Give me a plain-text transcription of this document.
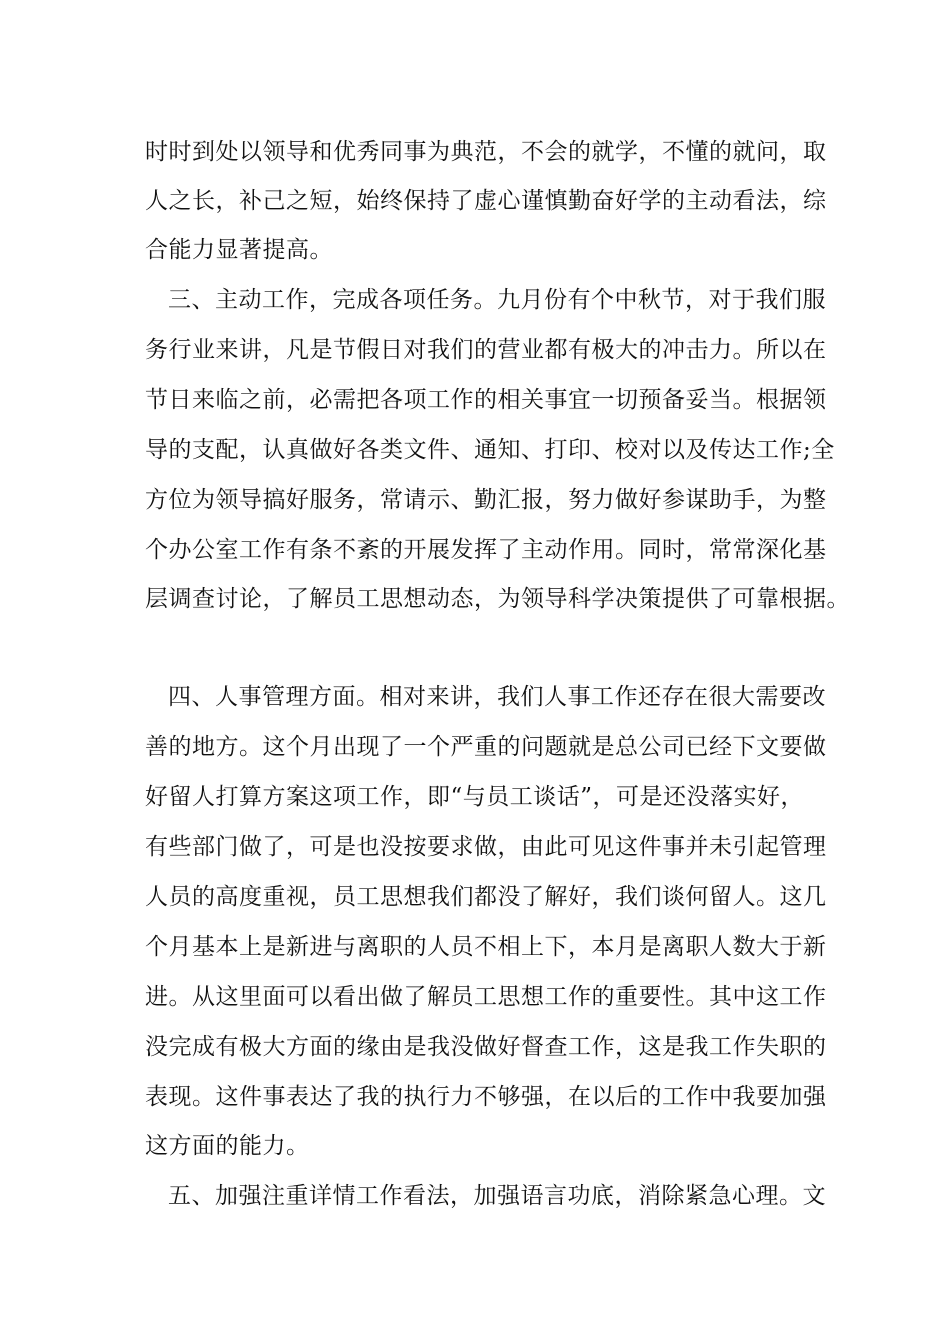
时时到处以领导和优秀同事为典范，不会的就学，不懂的就问，取
人之长，补己之短，始终保持了虚心谨慎勤奋好学的主动看法，综
合能力显著提高。
三、主动工作，完成各项任务。九月份有个中秋节，对于我们服
务行业来讲，凡是节假日对我们的营业都有极大的冲击力。所以在
节日来临之前，必需把各项工作的相关事宜一切预备妥当。根据领
导的支配，认真做好各类文件、通知、打印、校对以及传达工作;全
方位为领导搞好服务，常请示、勤汇报，努力做好参谋助手，为整
个办公室工作有条不紊的开展发挥了主动作用。同时，常常深化基
层调查讨论，了解员工思想动态，为领导科学决策提供了可靠根据。
四、人事管理方面。相对来讲，我们人事工作还存在很大需要改
善的地方。这个月出现了一个严重的问题就是总公司已经下文要做
好留人打算方案这项工作，即“与员工谈话”，可是还没落实好，
有些部门做了，可是也没按要求做，由此可见这件事并未引起管理
人员的高度重视，员工思想我们都没了解好，我们谈何留人。这几
个月基本上是新进与离职的人员不相上下，本月是离职人数大于新
进。从这里面可以看出做了解员工思想工作的重要性。其中这工作
没完成有极大方面的缘由是我没做好督查工作，这是我工作失职的
表现。这件事表达了我的执行力不够强，在以后的工作中我要加强
这方面的能力。
五、加强注重详情工作看法，加强语言功底，消除紧急心理。文
